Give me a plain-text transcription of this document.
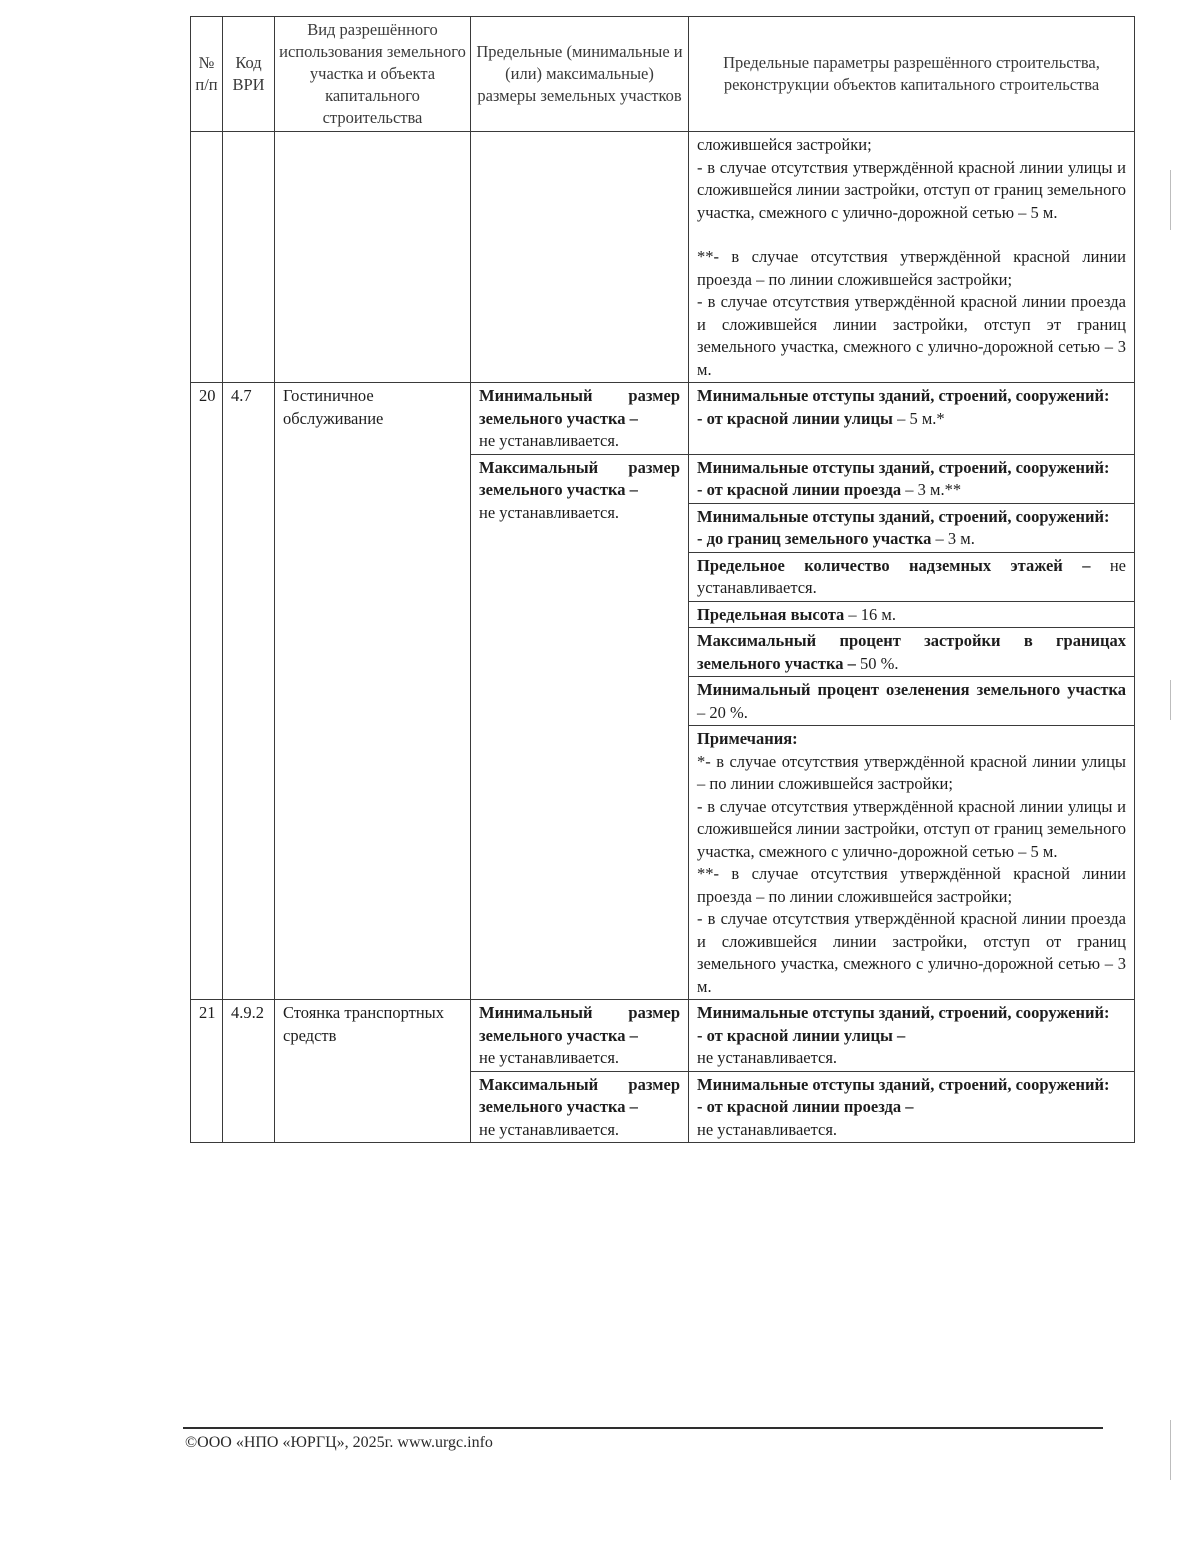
№ п/п	Код ВРИ	Вид разрешённого использования земельного участка и объекта капитального строительства	Предельные (минимальные и (или) максимальные) размеры земельных участков	Предельные параметры разрешённого строительства, реконструкции объектов капитального строительства

				сложившейся застройки;

- в случае отсутствия утверждённой красной линии улицы и сложившейся линии застройки, отступ от границ земельного участка, смежного с улично-дорожной сетью – 5 м.

**- в случае отсутствия утверждённой красной линии проезда – по линии сложившейся застройки;

- в случае отсутствия утверждённой красной линии проезда и сложившейся линии застройки, отступ эт границ земельного участка, смежного с улично-дорожной сетью – 3 м.

20	4.7	Гостиничное обслуживание	Минимальный размер земельного участка –
не устанавливается.	Минимальные отступы зданий, строений, сооружений:
- от красной линии улицы – 5 м.*
			Максимальный размер земельного участка –
не устанавливается.	Минимальные отступы зданий, строений, сооружений:
- от красной линии проезда – 3 м.**
				Минимальные отступы зданий, строений, сооружений:
- до границ земельного участка – 3 м.
				Предельное количество надземных этажей – не устанавливается.
				Предельная высота – 16 м.
				Максимальный процент застройки в границах земельного участка – 50 %.
				Минимальный процент озеленения земельного участка – 20 %.

				Примечания:

*- в случае отсутствия утверждённой красной линии улицы – по линии сложившейся застройки;

- в случае отсутствия утверждённой красной линии улицы и сложившейся линии застройки, отступ от границ земельного участка, смежного с улично-дорожной сетью – 5 м.

**- в случае отсутствия утверждённой красной линии проезда – по линии сложившейся застройки;

- в случае отсутствия утверждённой красной линии проезда и сложившейся линии застройки, отступ от границ земельного участка, смежного с улично-дорожной сетью – 3 м.

21	4.9.2	Стоянка транспортных средств	Минимальный размер земельного участка –
не устанавливается.	Минимальные отступы зданий, строений, сооружений:
- от красной линии улицы –
не устанавливается.
			Максимальный размер земельного участка –
не устанавливается.	Минимальные отступы зданий, строений, сооружений:
- от красной линии проезда –
не устанавливается.
©ООО «НПО «ЮРГЦ», 2025г. www.urgc.info
